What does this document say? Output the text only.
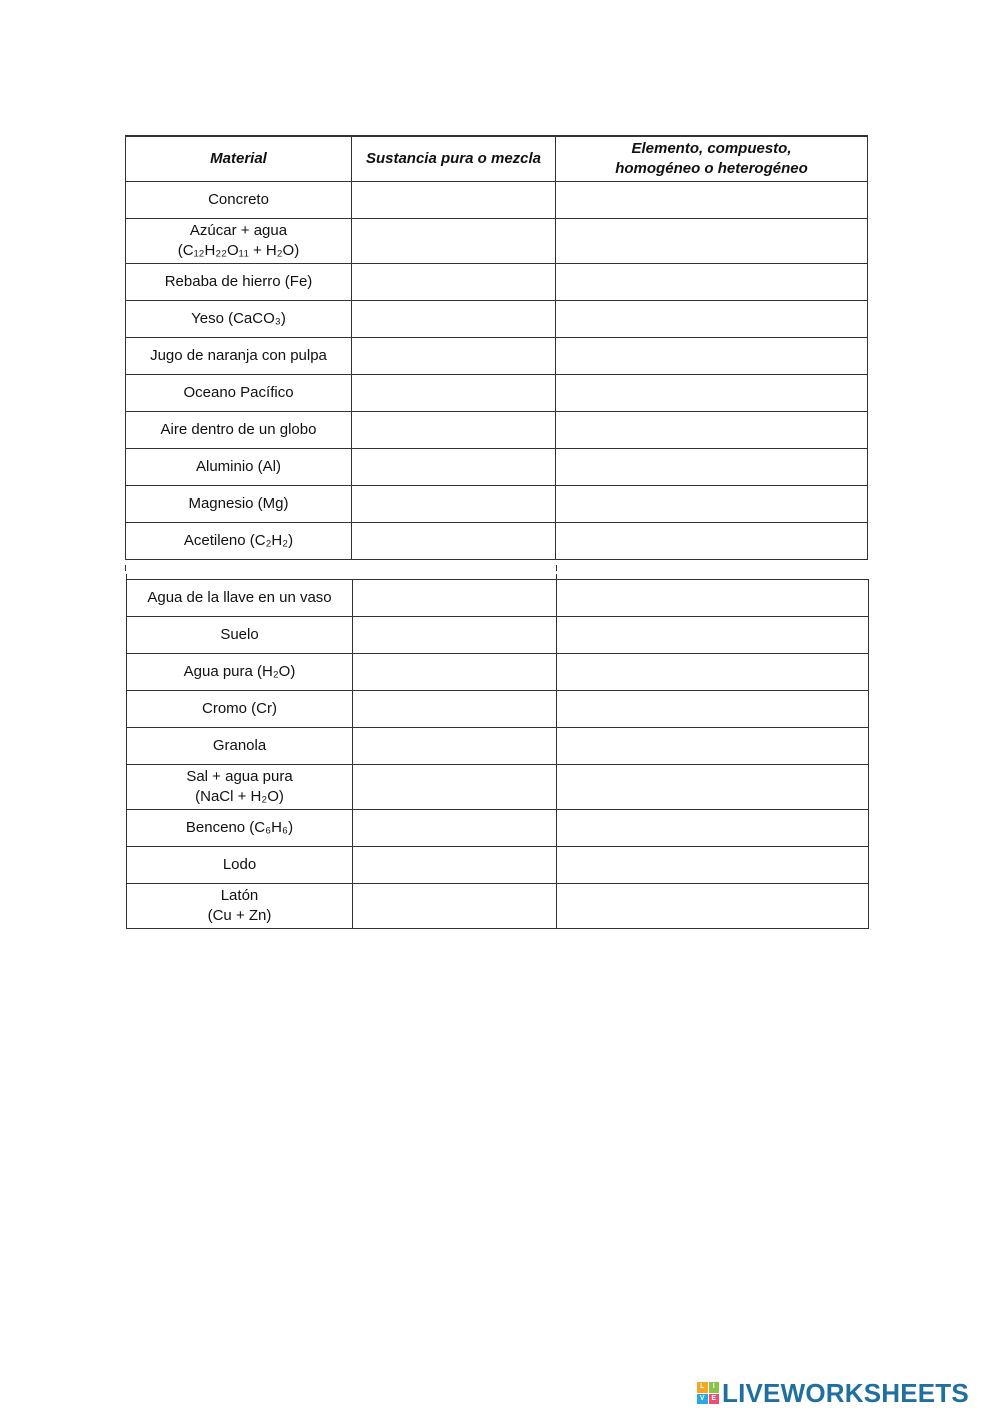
Material	Sustancia pura o mezcla	Elemento, compuesto, homogéneo o heterogéneo

Concreto		

Azúcar + agua
(C₁₂H₂₂O₁₁ + H₂O)		

Rebaba de hierro (Fe)		

Yeso (CaCO₃)		

Jugo de naranja con pulpa		

Oceano Pacífico		

Aire dentro de un globo		

Aluminio (Al)		

Magnesio (Mg)		

Acetileno (C₂H₂)		

Agua de la llave en un vaso		

Suelo		

Agua pura (H₂O)		

Cromo (Cr)		

Granola		

Sal + agua pura
(NaCl + H₂O)		

Benceno (C₆H₆)		

Lodo		

Latón
(Cu + Zn)		

L	I
V E LIVEWORKSHEETS
